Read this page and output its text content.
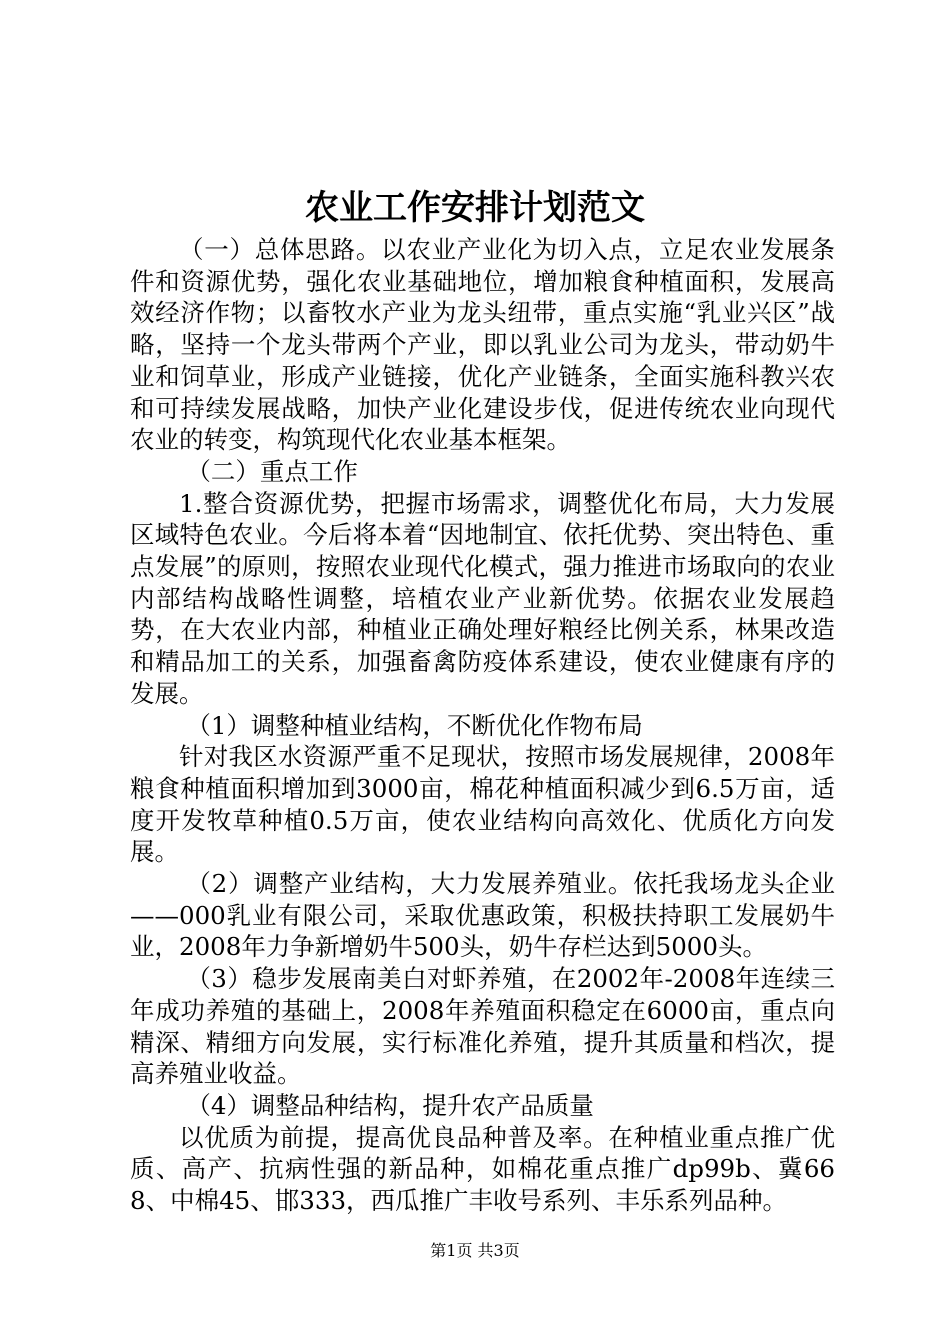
农业工作安排计划范文

（一）总体思路。以农业产业化为切入点，立足农业发展条件和资源优势，强化农业基础地位，增加粮食种植面积，发展高效经济作物；以畜牧水产业为龙头纽带，重点实施“乳业兴区”战略，坚持一个龙头带两个产业，即以乳业公司为龙头，带动奶牛业和饲草业，形成产业链接，优化产业链条，全面实施科教兴农和可持续发展战略，加快产业化建设步伐，促进传统农业向现代农业的转变，构筑现代化农业基本框架。

（二）重点工作

1.整合资源优势，把握市场需求，调整优化布局，大力发展区域特色农业。今后将本着“因地制宜、依托优势、突出特色、重点发展”的原则，按照农业现代化模式，强力推进市场取向的农业内部结构战略性调整，培植农业产业新优势。依据农业发展趋势，在大农业内部，种植业正确处理好粮经比例关系，林果改造和精品加工的关系，加强畜禽防疫体系建设，使农业健康有序的发展。

（1）调整种植业结构，不断优化作物布局

针对我区水资源严重不足现状，按照市场发展规律，2008年粮食种植面积增加到3000亩，棉花种植面积减少到6.5万亩，适度开发牧草种植0.5万亩，使农业结构向高效化、优质化方向发展。

（2）调整产业结构，大力发展养殖业。依托我场龙头企业——000乳业有限公司，采取优惠政策，积极扶持职工发展奶牛业，2008年力争新增奶牛500头，奶牛存栏达到5000头。

（3）稳步发展南美白对虾养殖，在2002年-2008年连续三年成功养殖的基础上，2008年养殖面积稳定在6000亩，重点向精深、精细方向发展，实行标准化养殖，提升其质量和档次，提高养殖业收益。

（4）调整品种结构，提升农产品质量

以优质为前提，提高优良品种普及率。在种植业重点推广优质、高产、抗病性强的新品种，如棉花重点推广dp99b、冀668、中棉45、邯333，西瓜推广丰收号系列、丰乐系列品种。

第1页 共3页
